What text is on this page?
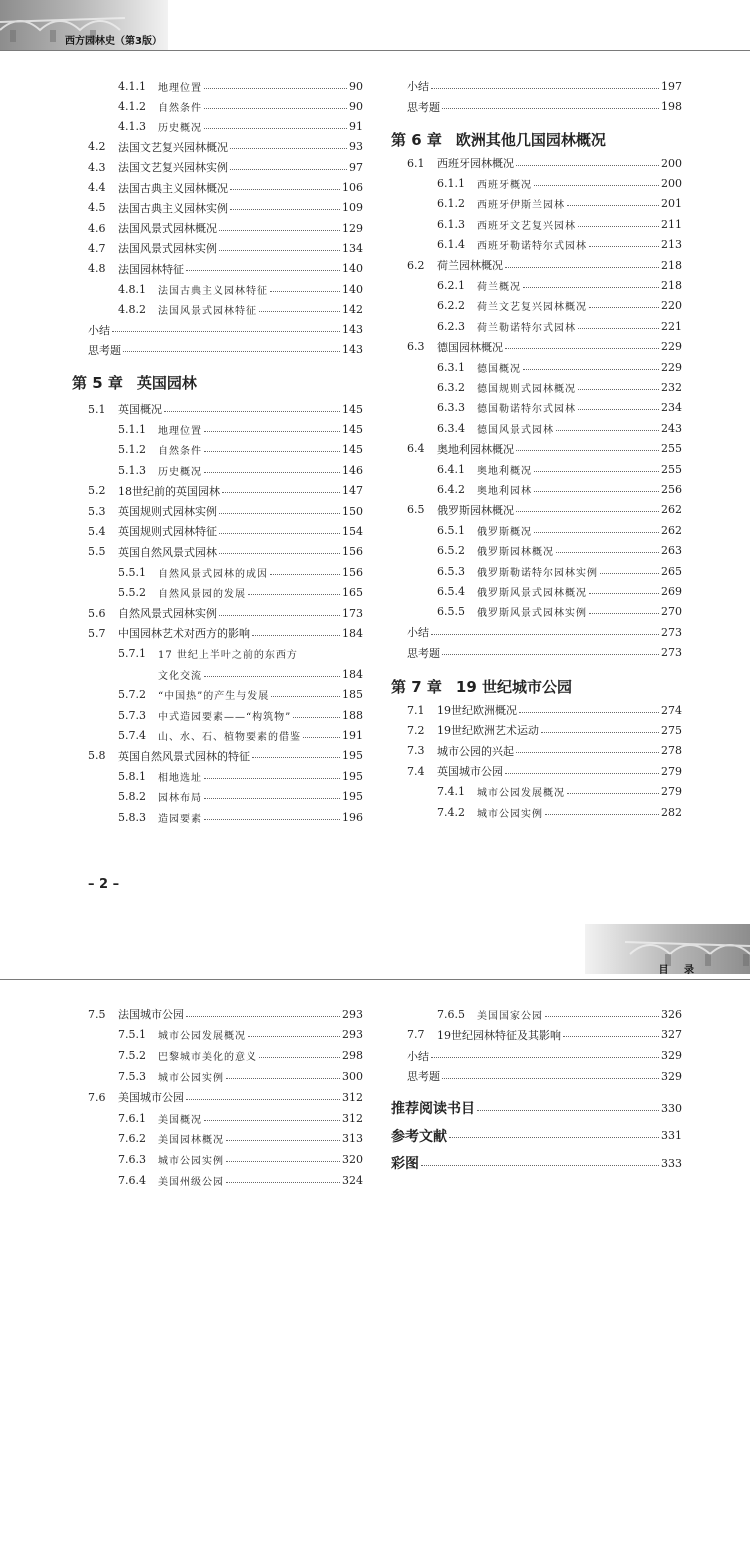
西方园林史（第3版）
4.1.1	地理位置	90
4.1.2	自然条件	90
4.1.3	历史概况	91
4.2	法国文艺复兴园林概况	93
4.3	法国文艺复兴园林实例	97
4.4	法国古典主义园林概况	106
4.5	法国古典主义园林实例	109
4.6	法国风景式园林概况	129
4.7	法国风景式园林实例	134
4.8	法国园林特征	140
4.8.1	法国古典主义园林特征	140
4.8.2	法国风景式园林特征	142
小结	143
思考题	143
第 5 章 英国园林
5.1	英国概况	145
5.1.1	地理位置	145
5.1.2	自然条件	145
5.1.3	历史概况	146
5.2	18世纪前的英国园林	147
5.3	英国规则式园林实例	150
5.4	英国规则式园林特征	154
5.5	英国自然风景式园林	156
5.5.1	自然风景式园林的成因	156
5.5.2	自然风景园的发展	165
5.6	自然风景式园林实例	173
5.7	中国园林艺术对西方的影响	184
5.7.1	17 世纪上半叶之前的东西方
文化交流	184
5.7.2	“中国热”的产生与发展	185
5.7.3	中式造园要素——“构筑物”	188
5.7.4	山、水、石、植物要素的借鉴	191
5.8	英国自然风景式园林的特征	195
5.8.1	相地选址	195
5.8.2	园林布局	195
5.8.3	造园要素	196
小结	197
思考题	198
第 6 章 欧洲其他几国园林概况
6.1	西班牙园林概况	200
6.1.1	西班牙概况	200
6.1.2	西班牙伊斯兰园林	201
6.1.3	西班牙文艺复兴园林	211
6.1.4	西班牙勒诺特尔式园林	213
6.2	荷兰园林概况	218
6.2.1	荷兰概况	218
6.2.2	荷兰文艺复兴园林概况	220
6.2.3	荷兰勒诺特尔式园林	221
6.3	德国园林概况	229
6.3.1	德国概况	229
6.3.2	德国规则式园林概况	232
6.3.3	德国勒诺特尔式园林	234
6.3.4	德国风景式园林	243
6.4	奥地利园林概况	255
6.4.1	奥地利概况	255
6.4.2	奥地利园林	256
6.5	俄罗斯园林概况	262
6.5.1	俄罗斯概况	262
6.5.2	俄罗斯园林概况	263
6.5.3	俄罗斯勒诺特尔园林实例	265
6.5.4	俄罗斯风景式园林概况	269
6.5.5	俄罗斯风景式园林实例	270
小结	273
思考题	273
第 7 章 19 世纪城市公园
7.1	19世纪欧洲概况	274
7.2	19世纪欧洲艺术运动	275
7.3	城市公园的兴起	278
7.4	英国城市公园	279
7.4.1	城市公园发展概况	279
7.4.2	城市公园实例	282
– 2 –
目 录
7.5	法国城市公园	293
7.5.1	城市公园发展概况	293
7.5.2	巴黎城市美化的意义	298
7.5.3	城市公园实例	300
7.6	美国城市公园	312
7.6.1	美国概况	312
7.6.2	美国园林概况	313
7.6.3	城市公园实例	320
7.6.4	美国州级公园	324
7.6.5	美国国家公园	326
7.7	19世纪园林特征及其影响	327
小结	329
思考题	329
推荐阅读书目	330
参考文献	331
彩图	333
